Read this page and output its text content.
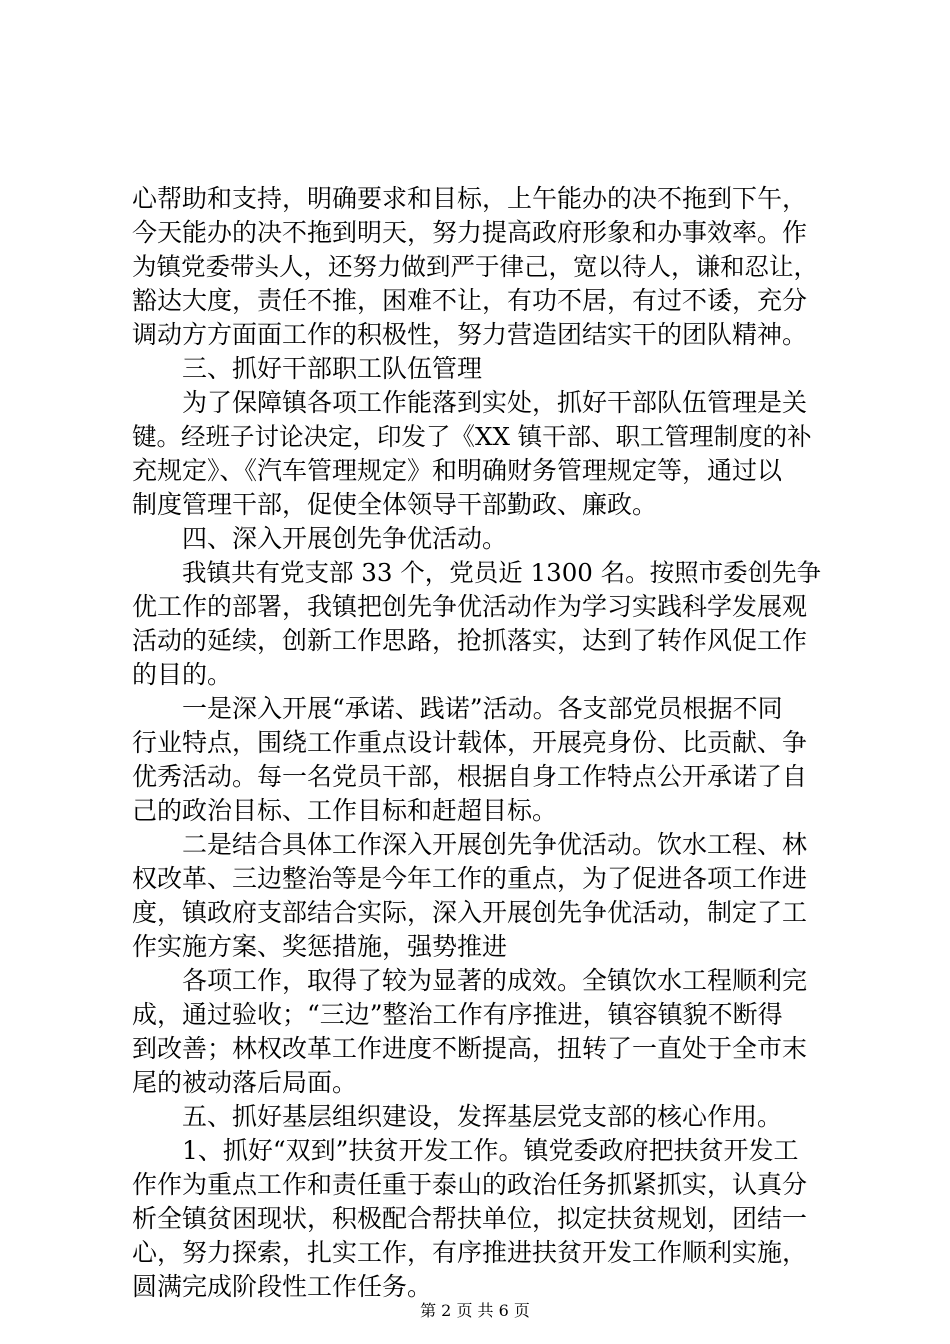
心帮助和支持，明确要求和目标，上午能办的决不拖到下午，
今天能办的决不拖到明天，努力提高政府形象和办事效率。作
为镇党委带头人，还努力做到严于律己，宽以待人，谦和忍让，
豁达大度，责任不推，困难不让，有功不居，有过不诿，充分
调动方方面面工作的积极性，努力营造团结实干的团队精神。
三、抓好干部职工队伍管理
为了保障镇各项工作能落到实处，抓好干部队伍管理是关
键。经班子讨论决定，印发了《XX 镇干部、职工管理制度的补
充规定》、《汽车管理规定》和明确财务管理规定等，通过以
制度管理干部，促使全体领导干部勤政、廉政。
四、深入开展创先争优活动。
我镇共有党支部 33 个，党员近 1300 名。按照市委创先争
优工作的部署，我镇把创先争优活动作为学习实践科学发展观
活动的延续，创新工作思路，抢抓落实，达到了转作风促工作
的目的。
一是深入开展“承诺、践诺”活动。各支部党员根据不同
行业特点，围绕工作重点设计载体，开展亮身份、比贡献、争
优秀活动。每一名党员干部，根据自身工作特点公开承诺了自
己的政治目标、工作目标和赶超目标。
二是结合具体工作深入开展创先争优活动。饮水工程、林
权改革、三边整治等是今年工作的重点，为了促进各项工作进
度，镇政府支部结合实际，深入开展创先争优活动，制定了工
作实施方案、奖惩措施，强势推进
各项工作，取得了较为显著的成效。全镇饮水工程顺利完
成，通过验收；“三边”整治工作有序推进，镇容镇貌不断得
到改善；林权改革工作进度不断提高，扭转了一直处于全市末
尾的被动落后局面。
五、抓好基层组织建设，发挥基层党支部的核心作用。
1、抓好“双到”扶贫开发工作。镇党委政府把扶贫开发工
作作为重点工作和责任重于泰山的政治任务抓紧抓实，认真分
析全镇贫困现状，积极配合帮扶单位，拟定扶贫规划，团结一
心，努力探索，扎实工作，有序推进扶贫开发工作顺利实施，
圆满完成阶段性工作任务。
第 2 页 共 6 页
